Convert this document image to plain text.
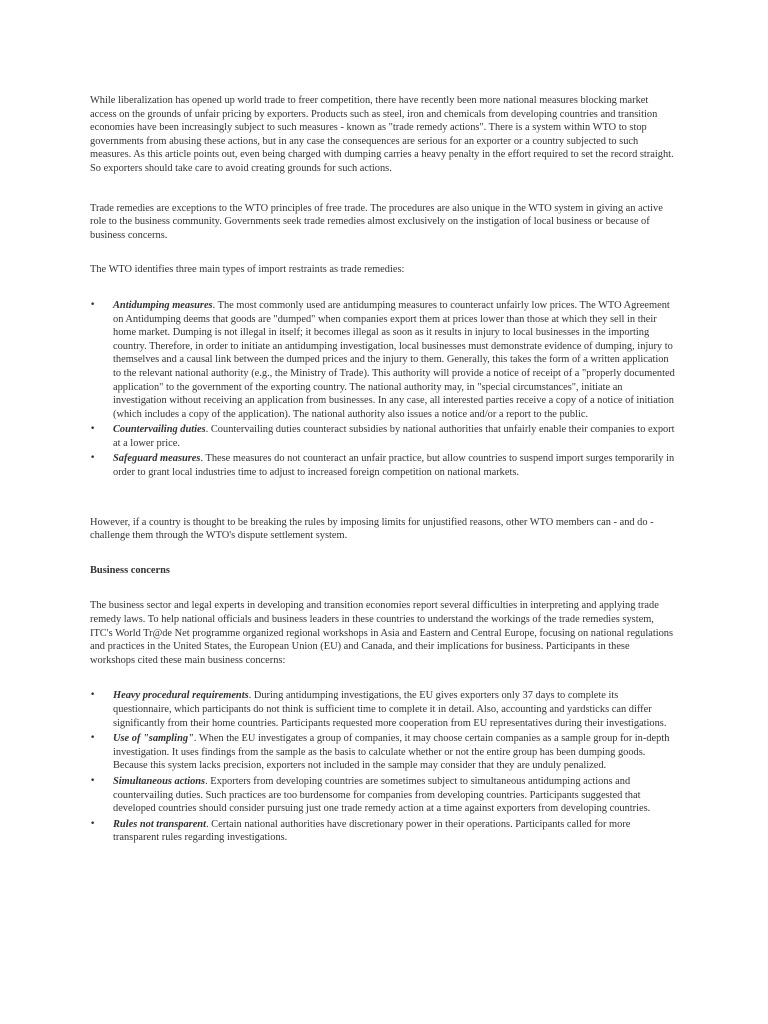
While liberalization has opened up world trade to freer competition, there have recently been more national measures blocking market access on the grounds of unfair pricing by exporters. Products such as steel, iron and chemicals from developing countries and transition economies have been increasingly subject to such measures - known as "trade remedy actions". There is a system within WTO to stop governments from abusing these actions, but in any case the consequences are serious for an exporter or a country subjected to such measures. As this article points out, even being charged with dumping carries a heavy penalty in the effort required to set the record straight. So exporters should take care to avoid creating grounds for such actions.

Trade remedies are exceptions to the WTO principles of free trade. The procedures are also unique in the WTO system in giving an active role to the business community. Governments seek trade remedies almost exclusively on the instigation of local business or because of business concerns.

The WTO identifies three main types of import restraints as trade remedies:

• Antidumping measures. The most commonly used are antidumping measures to counteract unfairly low prices. The WTO Agreement on Antidumping deems that goods are "dumped" when companies export them at prices lower than those at which they sell in their home market. Dumping is not illegal in itself; it becomes illegal as soon as it results in injury to local businesses in the importing country. Therefore, in order to initiate an antidumping investigation, local businesses must demonstrate evidence of dumping, injury to themselves and a causal link between the dumped prices and the injury to them. Generally, this takes the form of a written application to the relevant national authority (e.g., the Ministry of Trade). This authority will provide a notice of receipt of a "properly documented application" to the government of the exporting country. The national authority may, in "special circumstances", initiate an investigation without receiving an application from businesses. In any case, all interested parties receive a copy of a notice of initiation (which includes a copy of the application). The national authority also issues a notice and/or a report to the public.
• Countervailing duties. Countervailing duties counteract subsidies by national authorities that unfairly enable their companies to export at a lower price.
• Safeguard measures. These measures do not counteract an unfair practice, but allow countries to suspend import surges temporarily in order to grant local industries time to adjust to increased foreign competition on national markets.

However, if a country is thought to be breaking the rules by imposing limits for unjustified reasons, other WTO members can - and do - challenge them through the WTO's dispute settlement system.

Business concerns

The business sector and legal experts in developing and transition economies report several difficulties in interpreting and applying trade remedy laws. To help national officials and business leaders in these countries to understand the workings of the trade remedies system, ITC's World Tr@de Net programme organized regional workshops in Asia and Eastern and Central Europe, focusing on national regulations and practices in the United States, the European Union (EU) and Canada, and their implications for business. Participants in these workshops cited these main business concerns:

• Heavy procedural requirements. During antidumping investigations, the EU gives exporters only 37 days to complete its questionnaire, which participants do not think is sufficient time to complete it in detail. Also, accounting and yardsticks can differ significantly from their home countries. Participants requested more cooperation from EU representatives during their investigations.
• Use of "sampling". When the EU investigates a group of companies, it may choose certain companies as a sample group for in-depth investigation. It uses findings from the sample as the basis to calculate whether or not the entire group has been dumping goods. Because this system lacks precision, exporters not included in the sample may consider that they are unduly penalized.
• Simultaneous actions. Exporters from developing countries are sometimes subject to simultaneous antidumping actions and countervailing duties. Such practices are too burdensome for companies from developing countries. Participants suggested that developed countries should consider pursuing just one trade remedy action at a time against exporters from developing countries.
• Rules not transparent. Certain national authorities have discretionary power in their operations. Participants called for more transparent rules regarding investigations.
